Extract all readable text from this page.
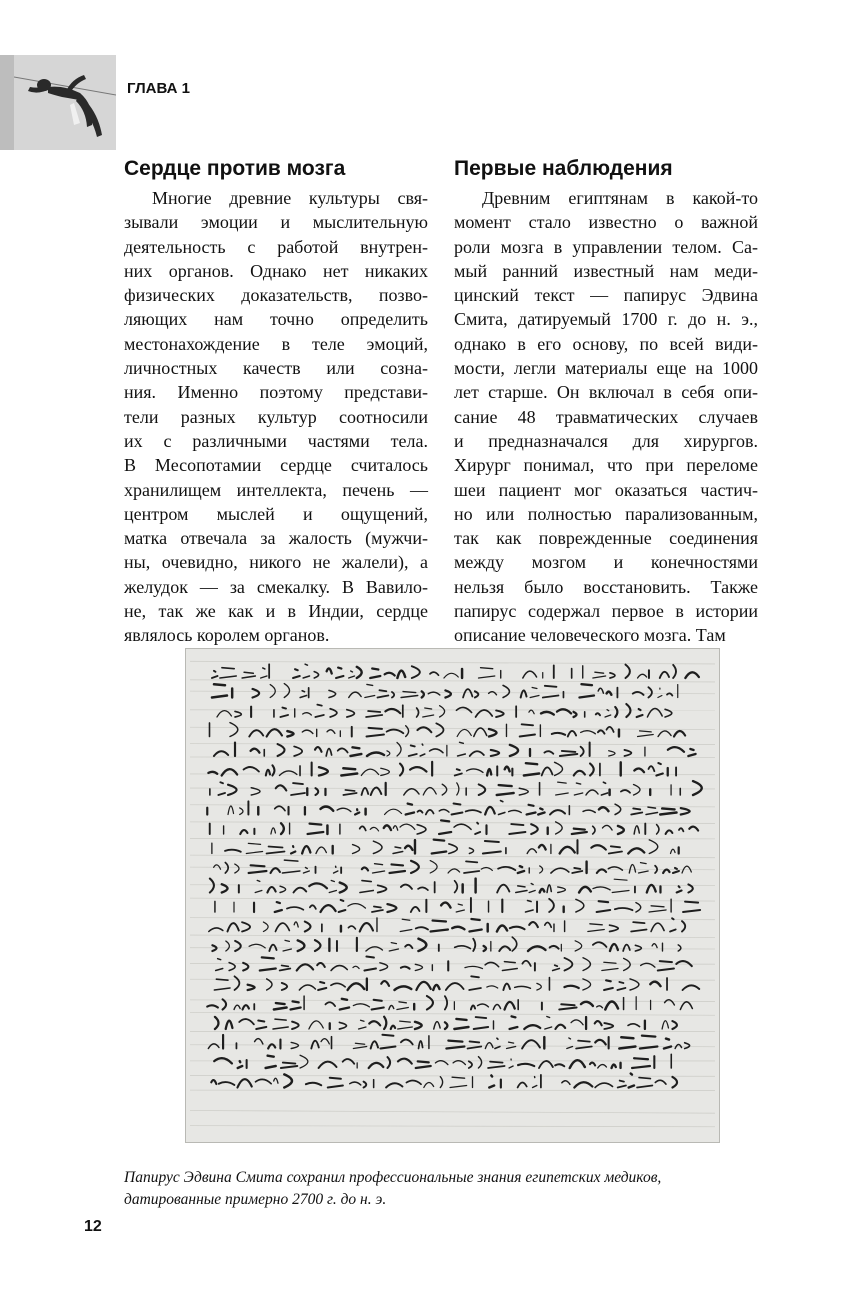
ГЛАВА 1
Сердце против мозга

Многие древние культуры свя-
зывали эмоции и мыслительную
деятельность с работой внутрен-
них органов. Однако нет никаких
физических доказательств, позво-
ляющих нам точно определить
местонахождение в теле эмоций,
личностных качеств или созна-
ния. Именно поэтому представи-
тели разных культур соотносили
их с различными частями тела.
В Месопотамии сердце считалось
хранилищем интеллекта, печень —
центром мыслей и ощущений,
матка отвечала за жалость (мужчи-
ны, очевидно, никого не жалели), а
желудок — за смекалку. В Вавило-
не, так же как и в Индии, сердце
являлось королем органов.

Первые наблюдения

Древним египтянам в какой-то
момент стало известно о важной
роли мозга в управлении телом. Са-
мый ранний известный нам меди-
цинский текст — папирус Эдвина
Смита, датируемый 1700 г. до н. э.,
однако в его основу, по всей види-
мости, легли материалы еще на 1000
лет старше. Он включал в себя опи-
сание 48 травматических случаев
и предназначался для хирургов.
Хирург понимал, что при переломе
шеи пациент мог оказаться частич-
но или полностью парализованным,
так как поврежденные соединения
между мозгом и конечностями
нельзя было восстановить. Также
папирус содержал первое в истории
описание человеческого мозга. Там

Папирус Эдвина Смита сохранил профессиональные знания египетских медиков,
датированные примерно 2700 г. до н. э.
12
